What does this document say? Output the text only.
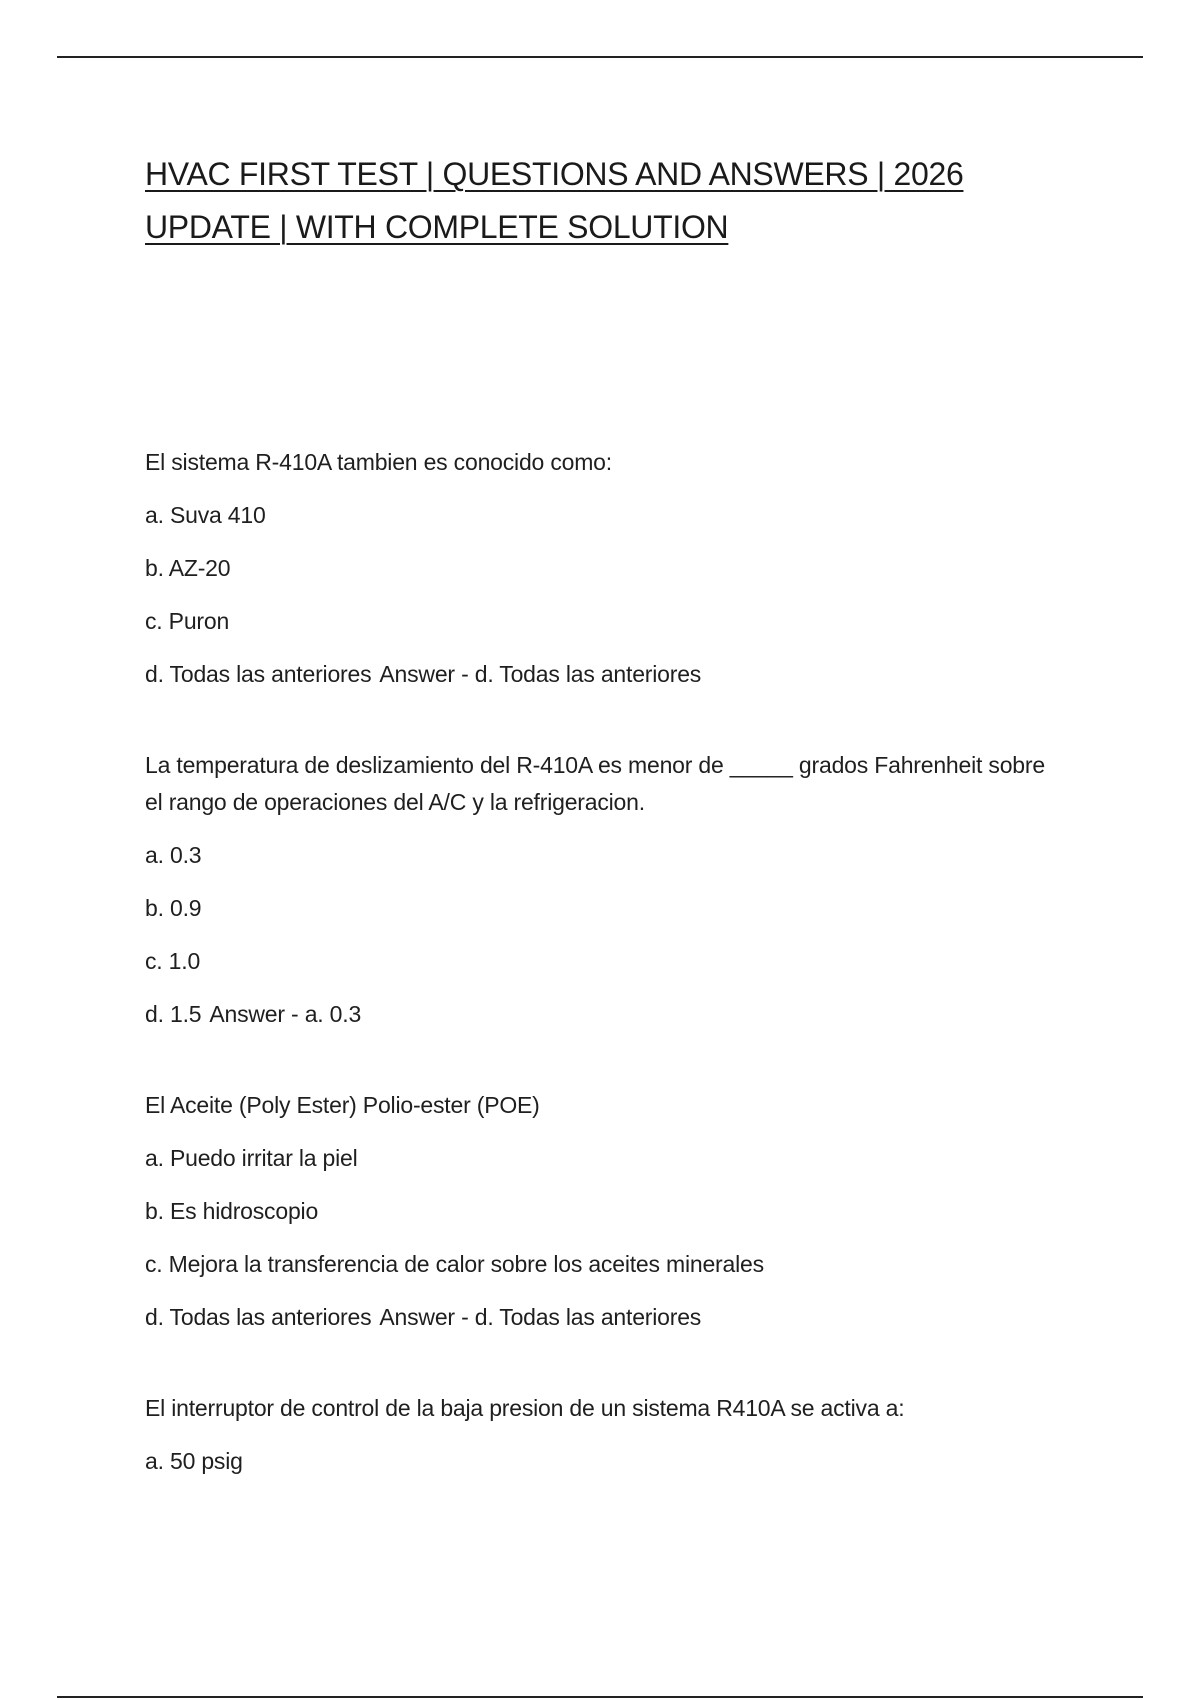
HVAC FIRST TEST | QUESTIONS AND ANSWERS | 2026
UPDATE | WITH COMPLETE SOLUTION

El sistema R-410A tambien es conocido como:

a. Suva 410

b. AZ-20

c. Puron

d. Todas las anteriores Answer - d. Todas las anteriores

La temperatura de deslizamiento del R-410A es menor de _____ grados Fahrenheit sobre el rango de operaciones del A/C y la refrigeracion.

a. 0.3

b. 0.9

c. 1.0

d. 1.5 Answer - a. 0.3

El Aceite (Poly Ester) Polio-ester (POE)

a. Puedo irritar la piel

b. Es hidroscopio

c. Mejora la transferencia de calor sobre los aceites minerales

d. Todas las anteriores Answer - d. Todas las anteriores

El interruptor de control de la baja presion de un sistema R410A se activa a:

a. 50 psig
